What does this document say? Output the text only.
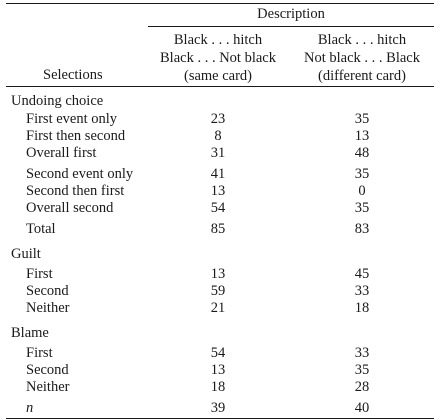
Description
Black . . . hitch
Black . . . Not black
(same card)
Black . . . hitch
Not black . . . Black
(different card)
Selections
Undoing choice
First event only	23	35
First then second	8	13
Overall first	31	48
Second event only	41	35
Second then first	13	0
Overall second	54	35
Total	85	83
Guilt
First	13	45
Second	59	33
Neither	21	18
Blame
First	54	33
Second	13	35
Neither	18	28
n	39	40
